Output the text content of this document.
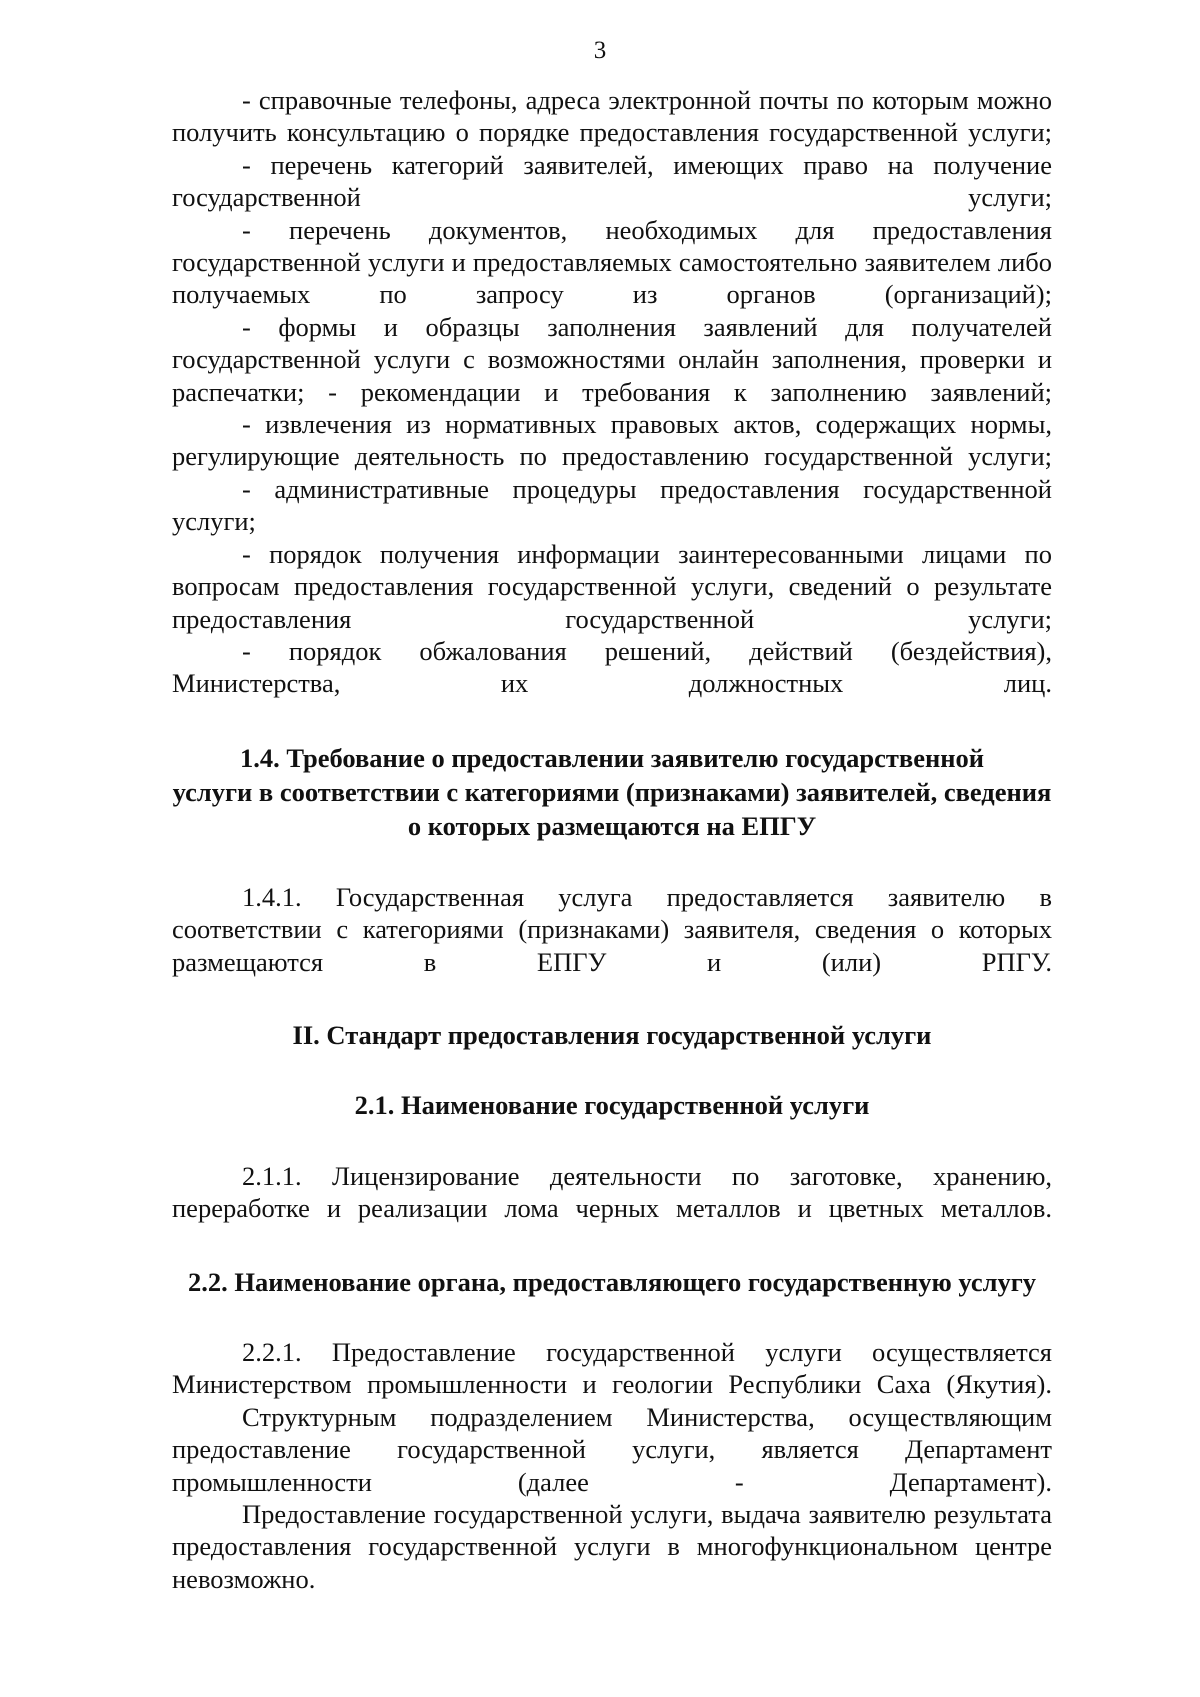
3

- справочные телефоны, адреса электронной почты по которым можно получить консультацию о порядке предоставления государственной услуги;

- перечень категорий заявителей, имеющих право на получение государственной услуги;

- перечень документов, необходимых для предоставления государственной услуги и предоставляемых самостоятельно заявителем либо получаемых по запросу из органов (организаций);

- формы и образцы заполнения заявлений для получателей государственной услуги с возможностями онлайн заполнения, проверки и распечатки; - рекомендации и требования к заполнению заявлений;

- извлечения из нормативных правовых актов, содержащих нормы, регулирующие деятельность по предоставлению государственной услуги;

- административные процедуры предоставления государственной услуги;

- порядок получения информации заинтересованными лицами по вопросам предоставления государственной услуги, сведений о результате предоставления государственной услуги;

- порядок обжалования решений, действий (бездействия), Министерства, их должностных лиц.

1.4. Требование о предоставлении заявителю государственной

услуги в соответствии с категориями (признаками) заявителей, сведения

о которых размещаются на ЕПГУ

1.4.1. Государственная услуга предоставляется заявителю в соответствии с категориями (признаками) заявителя, сведения о которых размещаются в ЕПГУ и (или) РПГУ.

II. Стандарт предоставления государственной услуги

2.1. Наименование государственной услуги

2.1.1. Лицензирование деятельности по заготовке, хранению, переработке и реализации лома черных металлов и цветных металлов.

2.2. Наименование органа, предоставляющего государственную услугу

2.2.1. Предоставление государственной услуги осуществляется Министерством промышленности и геологии Республики Саха (Якутия).

Структурным подразделением Министерства, осуществляющим предоставление государственной услуги, является Департамент промышленности (далее - Департамент).

Предоставление государственной услуги, выдача заявителю результата предоставления государственной услуги в многофункциональном центре невозможно.
